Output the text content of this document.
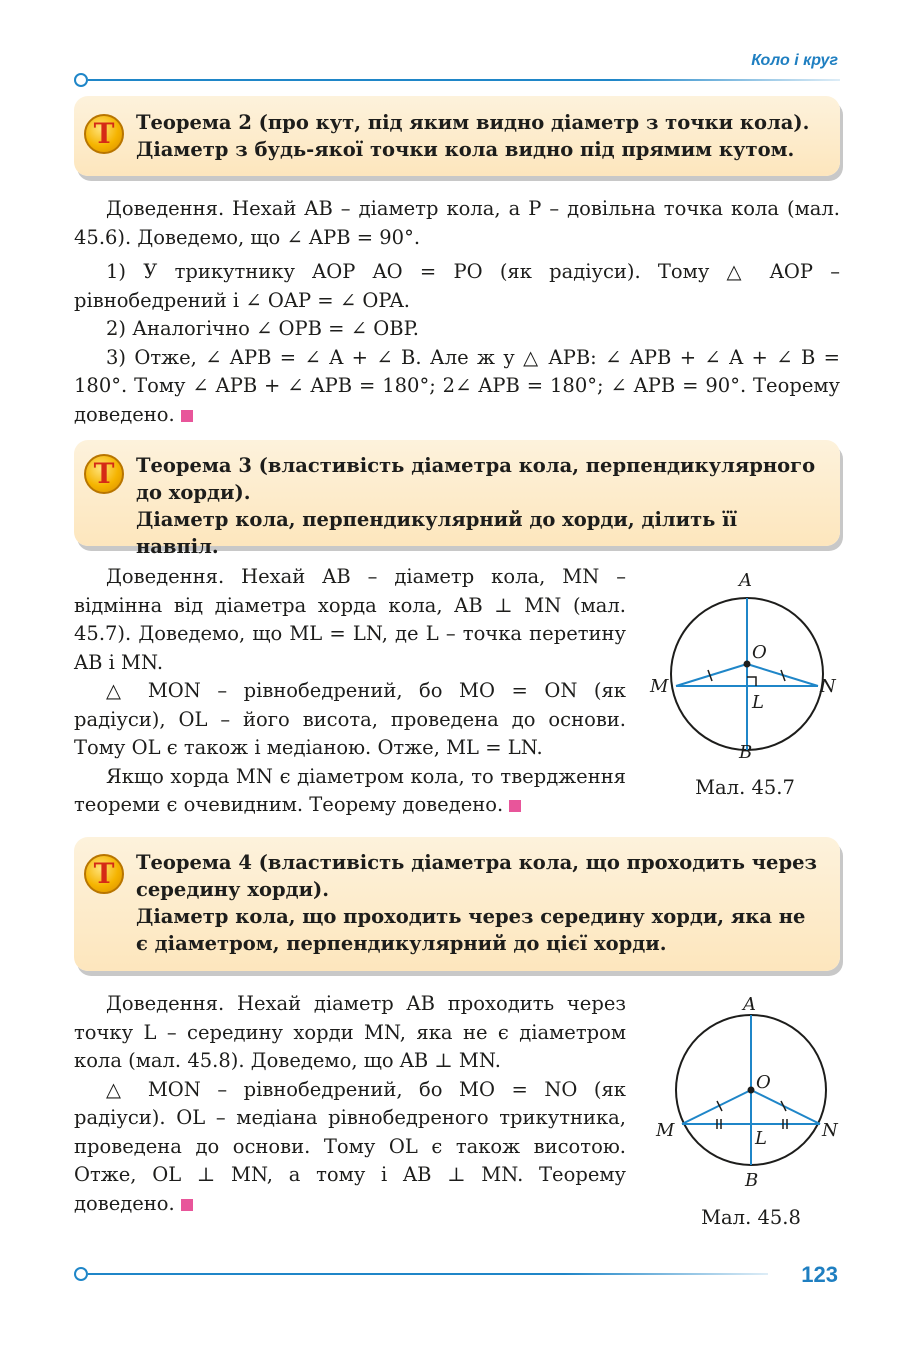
Коло і круг
Т	Теорема 2 (про кут, під яким видно діаметр з точки кола).
Діаметр з будь-якої точки кола видно під прямим кутом.

Доведення. Нехай AB – діаметр кола, а P – довільна точка кола (мал. 45.6). Доведемо, що ∠ APB = 90°.

1) У трикутнику AOP AO = PO (як радіуси). Тому △ AOP – рівнобедрений і ∠ OAP = ∠ OPA.

2) Аналогічно ∠ OPB = ∠ OBP.

3) Отже, ∠ APB = ∠ A + ∠ B. Але ж у △ APB: ∠ APB + ∠ A + ∠ B = 180°. Тому ∠ APB + ∠ APB = 180°; 2∠ APB = 180°; ∠ APB = 90°. Теорему доведено.

Т	Теорема 3 (властивість діаметра кола, перпендикулярного до хорди).
Діаметр кола, перпендикулярний до хорди, ділить її навпіл.

Доведення. Нехай AB – діаметр кола, MN – відмінна від діаметра хорда кола, AB ⊥ MN (мал. 45.7). Доведемо, що ML = LN, де L – точка перетину AB і MN.

△ MON – рівнобедрений, бо MO = ON (як радіуси), OL – його висота, проведена до основи. Тому OL є також і медіаною. Отже, ML = LN.

Якщо хорда MN є діаметром кола, то твердження теореми є очевидним. Теорему доведено.

A
B
O
M	N
L
Мал. 45.7
Т	Теорема 4 (властивість діаметра кола, що проходить через середину хорди).
Діаметр кола, що проходить через середину хорди, яка не є діаметром, перпендикулярний до цієї хорди.

Доведення. Нехай діаметр AB проходить через точку L – середину хорди MN, яка не є діаметром кола (мал. 45.8). Доведемо, що AB ⊥ MN.

△ MON – рівнобедрений, бо MO = NO (як радіуси). OL – медіана рівнобедреного трикутника, проведена до основи. Тому OL є також висотою. Отже, OL ⊥ MN, а тому і AB ⊥ MN. Теорему доведено.

A
B
O
M	N
L
Мал. 45.8
123
